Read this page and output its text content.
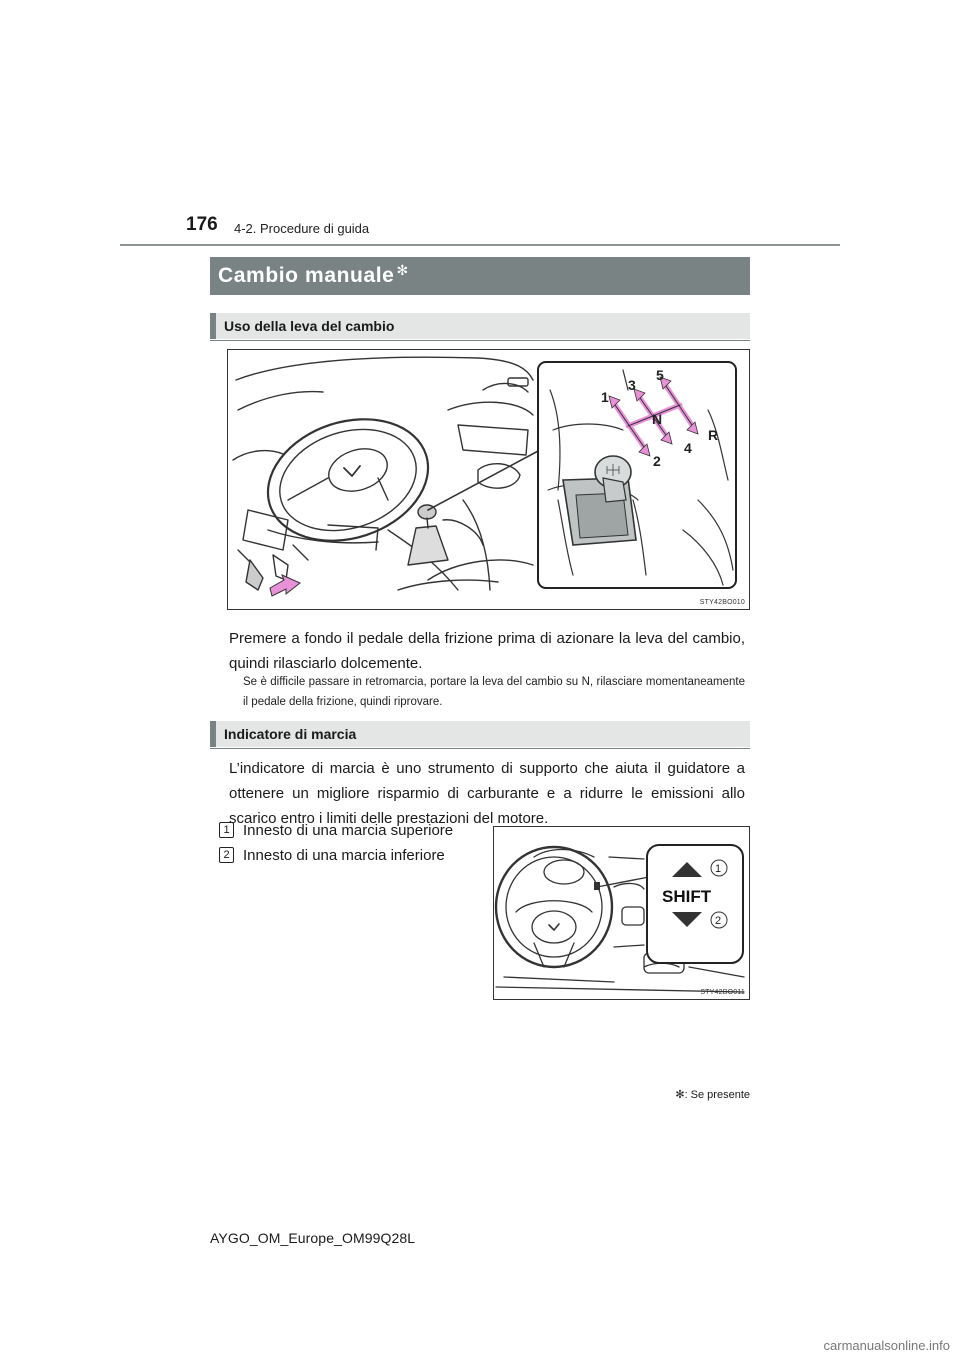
176 4-2. Procedure di guida
Cambio manuale ✻
Uso della leva del cambio
1
2
3
4
5
N
R
STY42BO010
Premere a fondo il pedale della frizione prima di azionare la leva del cambio, quindi rilasciarlo dolcemente.
Se è difficile passare in retromarcia, portare la leva del cambio su N, rilasciare momentaneamente il pedale della frizione, quindi riprovare.
Indicatore di marcia
L’indicatore di marcia è uno strumento di supporto che aiuta il guidatore a ottenere un migliore risparmio di carburante e a ridurre le emissioni allo scarico entro i limiti delle prestazioni del motore.
1 Innesto di una marcia superiore
2 Innesto di una marcia inferiore
SHIFT
1
2
STY42BO011
✻: Se presente
AYGO_OM_Europe_OM99Q28L
carmanualsonline.info
